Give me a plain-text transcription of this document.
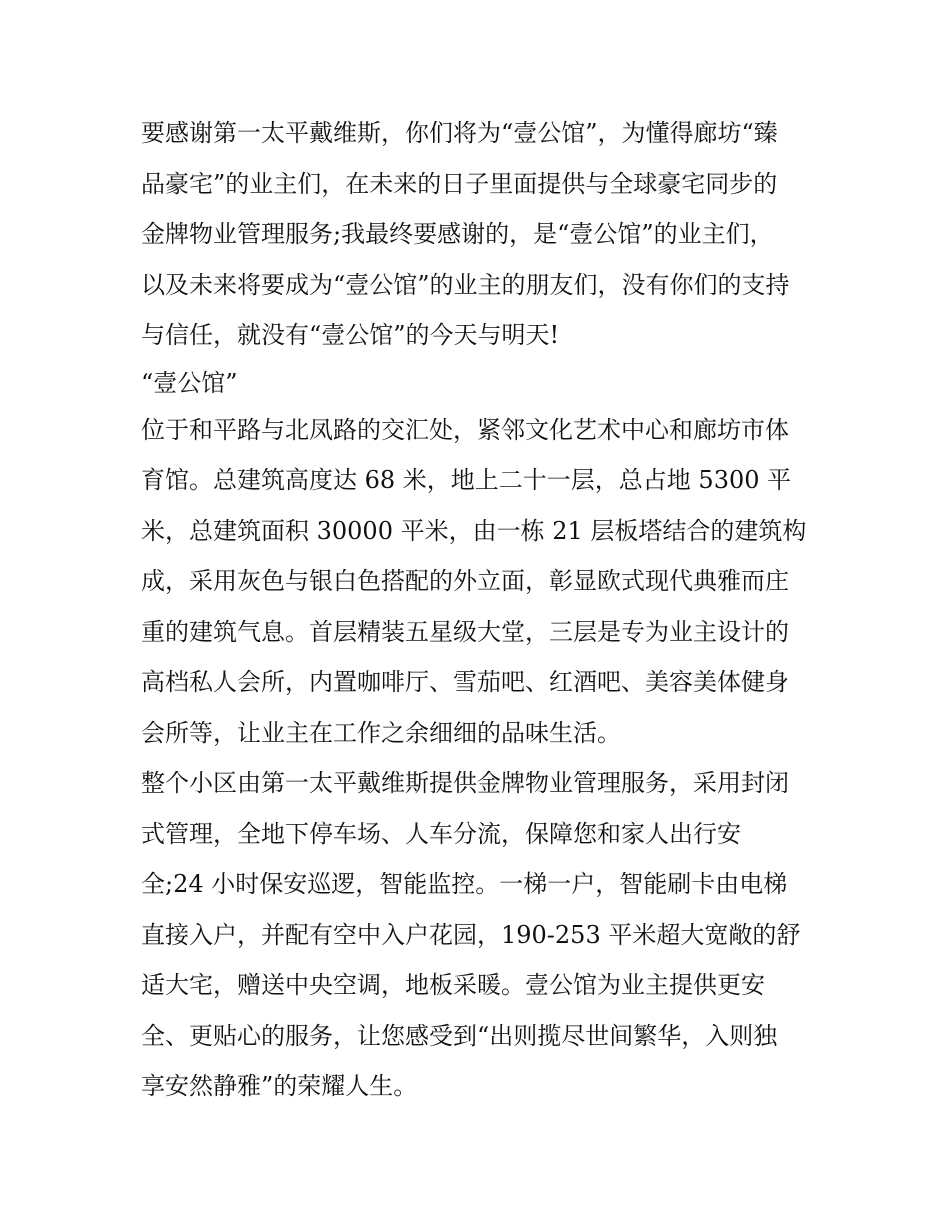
要感谢第一太平戴维斯，你们将为“壹公馆”，为懂得廊坊“臻
品豪宅”的业主们，在未来的日子里面提供与全球豪宅同步的
金牌物业管理服务;我最终要感谢的，是“壹公馆”的业主们，
以及未来将要成为“壹公馆”的业主的朋友们，没有你们的支持
与信任，就没有“壹公馆”的今天与明天!
“壹公馆”
位于和平路与北凤路的交汇处，紧邻文化艺术中心和廊坊市体
育馆。总建筑高度达 68 米，地上二十一层，总占地 5300 平
米，总建筑面积 30000 平米，由一栋 21 层板塔结合的建筑构
成，采用灰色与银白色搭配的外立面，彰显欧式现代典雅而庄
重的建筑气息。首层精装五星级大堂，三层是专为业主设计的
高档私人会所，内置咖啡厅、雪茄吧、红酒吧、美容美体健身
会所等，让业主在工作之余细细的品味生活。
整个小区由第一太平戴维斯提供金牌物业管理服务，采用封闭
式管理，全地下停车场、人车分流，保障您和家人出行安
全;24 小时保安巡逻，智能监控。一梯一户，智能刷卡由电梯
直接入户，并配有空中入户花园，190-253 平米超大宽敞的舒
适大宅，赠送中央空调，地板采暖。壹公馆为业主提供更安
全、更贴心的服务，让您感受到“出则揽尽世间繁华，入则独
享安然静雅”的荣耀人生。
